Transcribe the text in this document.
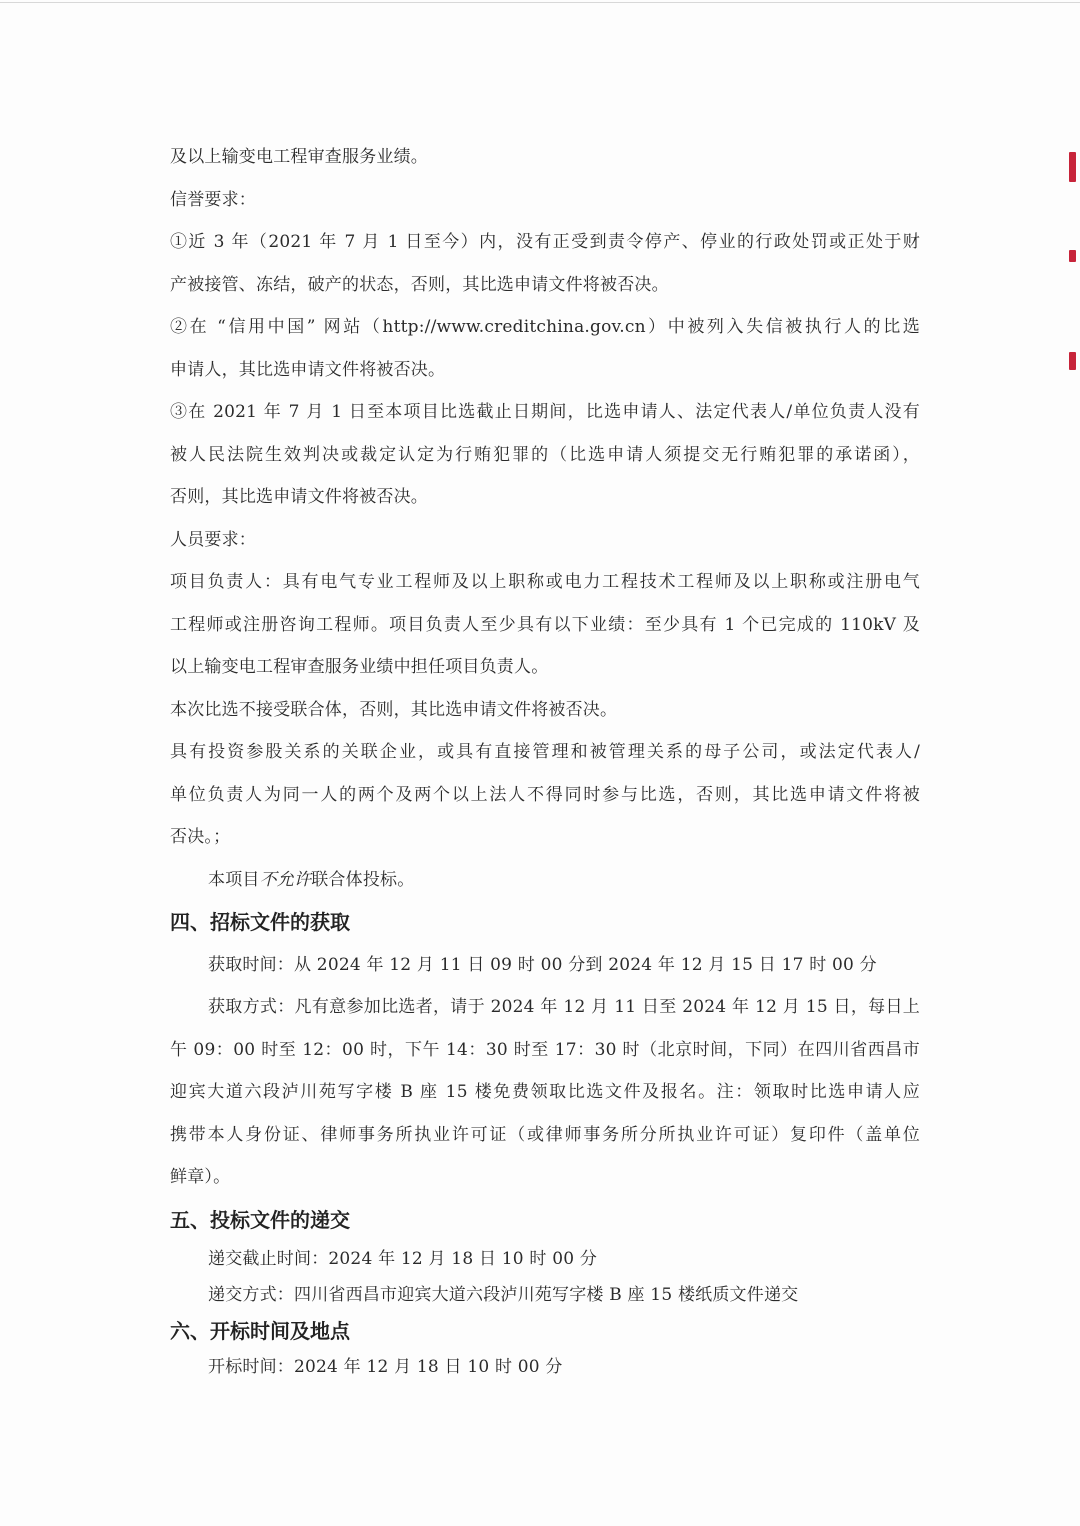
及以上输变电工程审查服务业绩。
信誉要求：
①近 3 年（2021 年 7 月 1 日至今）内，没有正受到责令停产、停业的行政处罚或正处于财
产被接管、冻结，破产的状态，否则，其比选申请文件将被否决。
②在 “信用中国” 网站（http://www.creditchina.gov.cn）中被列入失信被执行人的比选
申请人，其比选申请文件将被否决。
③在 2021 年 7 月 1 日至本项目比选截止日期间，比选申请人、法定代表人/单位负责人没有
被人民法院生效判决或裁定认定为行贿犯罪的（比选申请人须提交无行贿犯罪的承诺函），
否则，其比选申请文件将被否决。
人员要求：
项目负责人：具有电气专业工程师及以上职称或电力工程技术工程师及以上职称或注册电气
工程师或注册咨询工程师。项目负责人至少具有以下业绩：至少具有 1 个已完成的 110kV 及
以上输变电工程审查服务业绩中担任项目负责人。
本次比选不接受联合体，否则，其比选申请文件将被否决。
具有投资参股关系的关联企业，或具有直接管理和被管理关系的母子公司，或法定代表人/
单位负责人为同一人的两个及两个以上法人不得同时参与比选，否则，其比选申请文件将被
否决。；
本项目不允许联合体投标。
四、招标文件的获取
获取时间：从 2024 年 12 月 11 日 09 时 00 分到 2024 年 12 月 15 日 17 时 00 分
获取方式：凡有意参加比选者，请于 2024 年 12 月 11 日至 2024 年 12 月 15 日，每日上
午 09：00 时至 12：00 时，下午 14：30 时至 17：30 时（北京时间，下同）在四川省西昌市
迎宾大道六段泸川苑写字楼 B 座 15 楼免费领取比选文件及报名。注：领取时比选申请人应
携带本人身份证、律师事务所执业许可证（或律师事务所分所执业许可证）复印件（盖单位
鲜章）。
五、投标文件的递交
递交截止时间：2024 年 12 月 18 日 10 时 00 分
递交方式：四川省西昌市迎宾大道六段泸川苑写字楼 B 座 15 楼纸质文件递交
六、开标时间及地点
开标时间：2024 年 12 月 18 日 10 时 00 分
